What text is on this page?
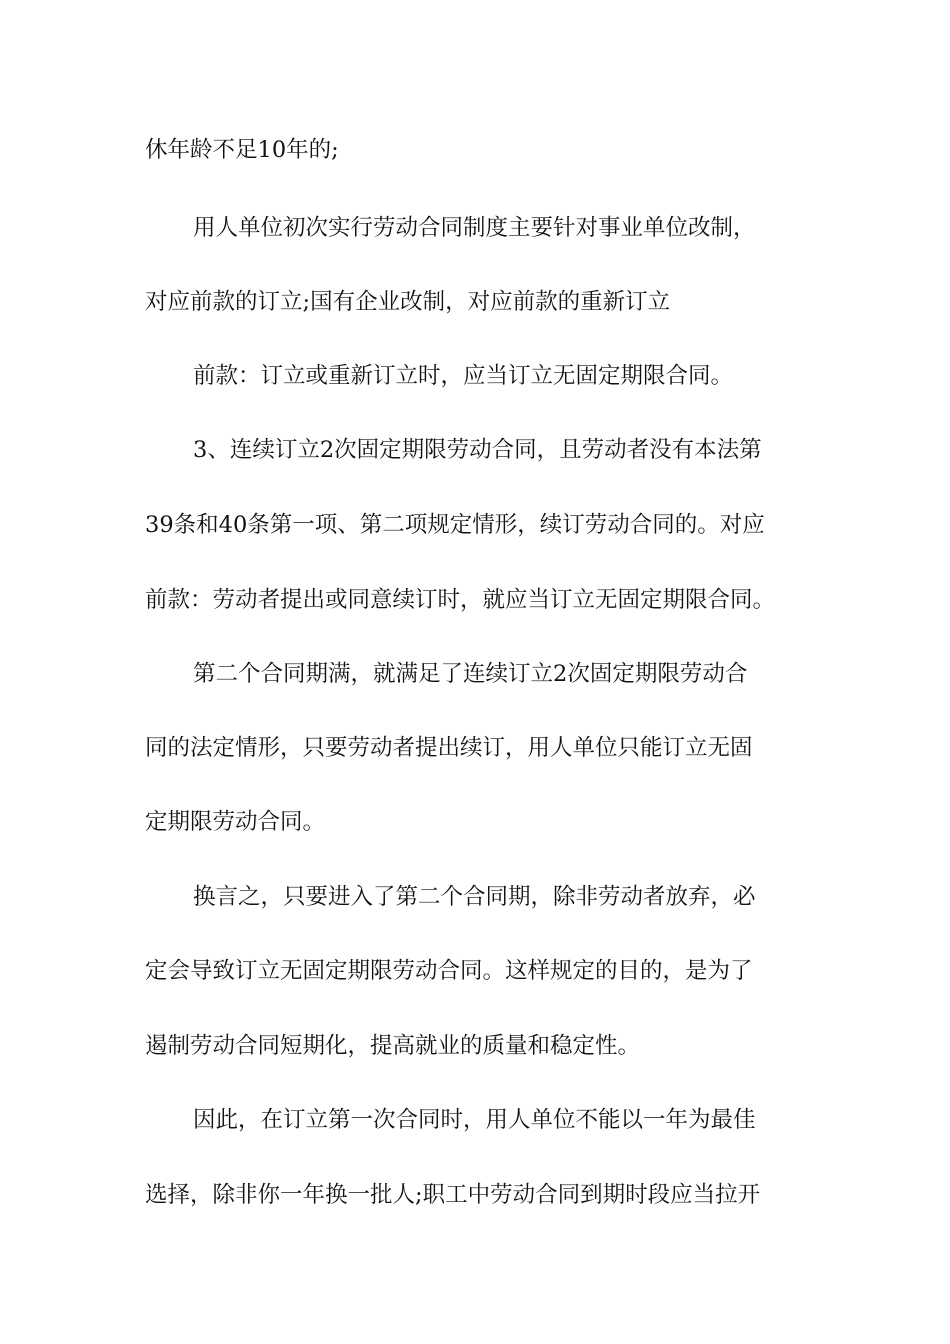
休年龄不足10年的;
用人单位初次实行劳动合同制度主要针对事业单位改制，
对应前款的订立;国有企业改制，对应前款的重新订立
前款：订立或重新订立时，应当订立无固定期限合同。
3、连续订立2次固定期限劳动合同，且劳动者没有本法第
39条和40条第一项、第二项规定情形，续订劳动合同的。对应
前款：劳动者提出或同意续订时，就应当订立无固定期限合同。
第二个合同期满，就满足了连续订立2次固定期限劳动合
同的法定情形，只要劳动者提出续订，用人单位只能订立无固
定期限劳动合同。
换言之，只要进入了第二个合同期，除非劳动者放弃，必
定会导致订立无固定期限劳动合同。这样规定的目的，是为了
遏制劳动合同短期化，提高就业的质量和稳定性。
因此，在订立第一次合同时，用人单位不能以一年为最佳
选择，除非你一年换一批人;职工中劳动合同到期时段应当拉开
